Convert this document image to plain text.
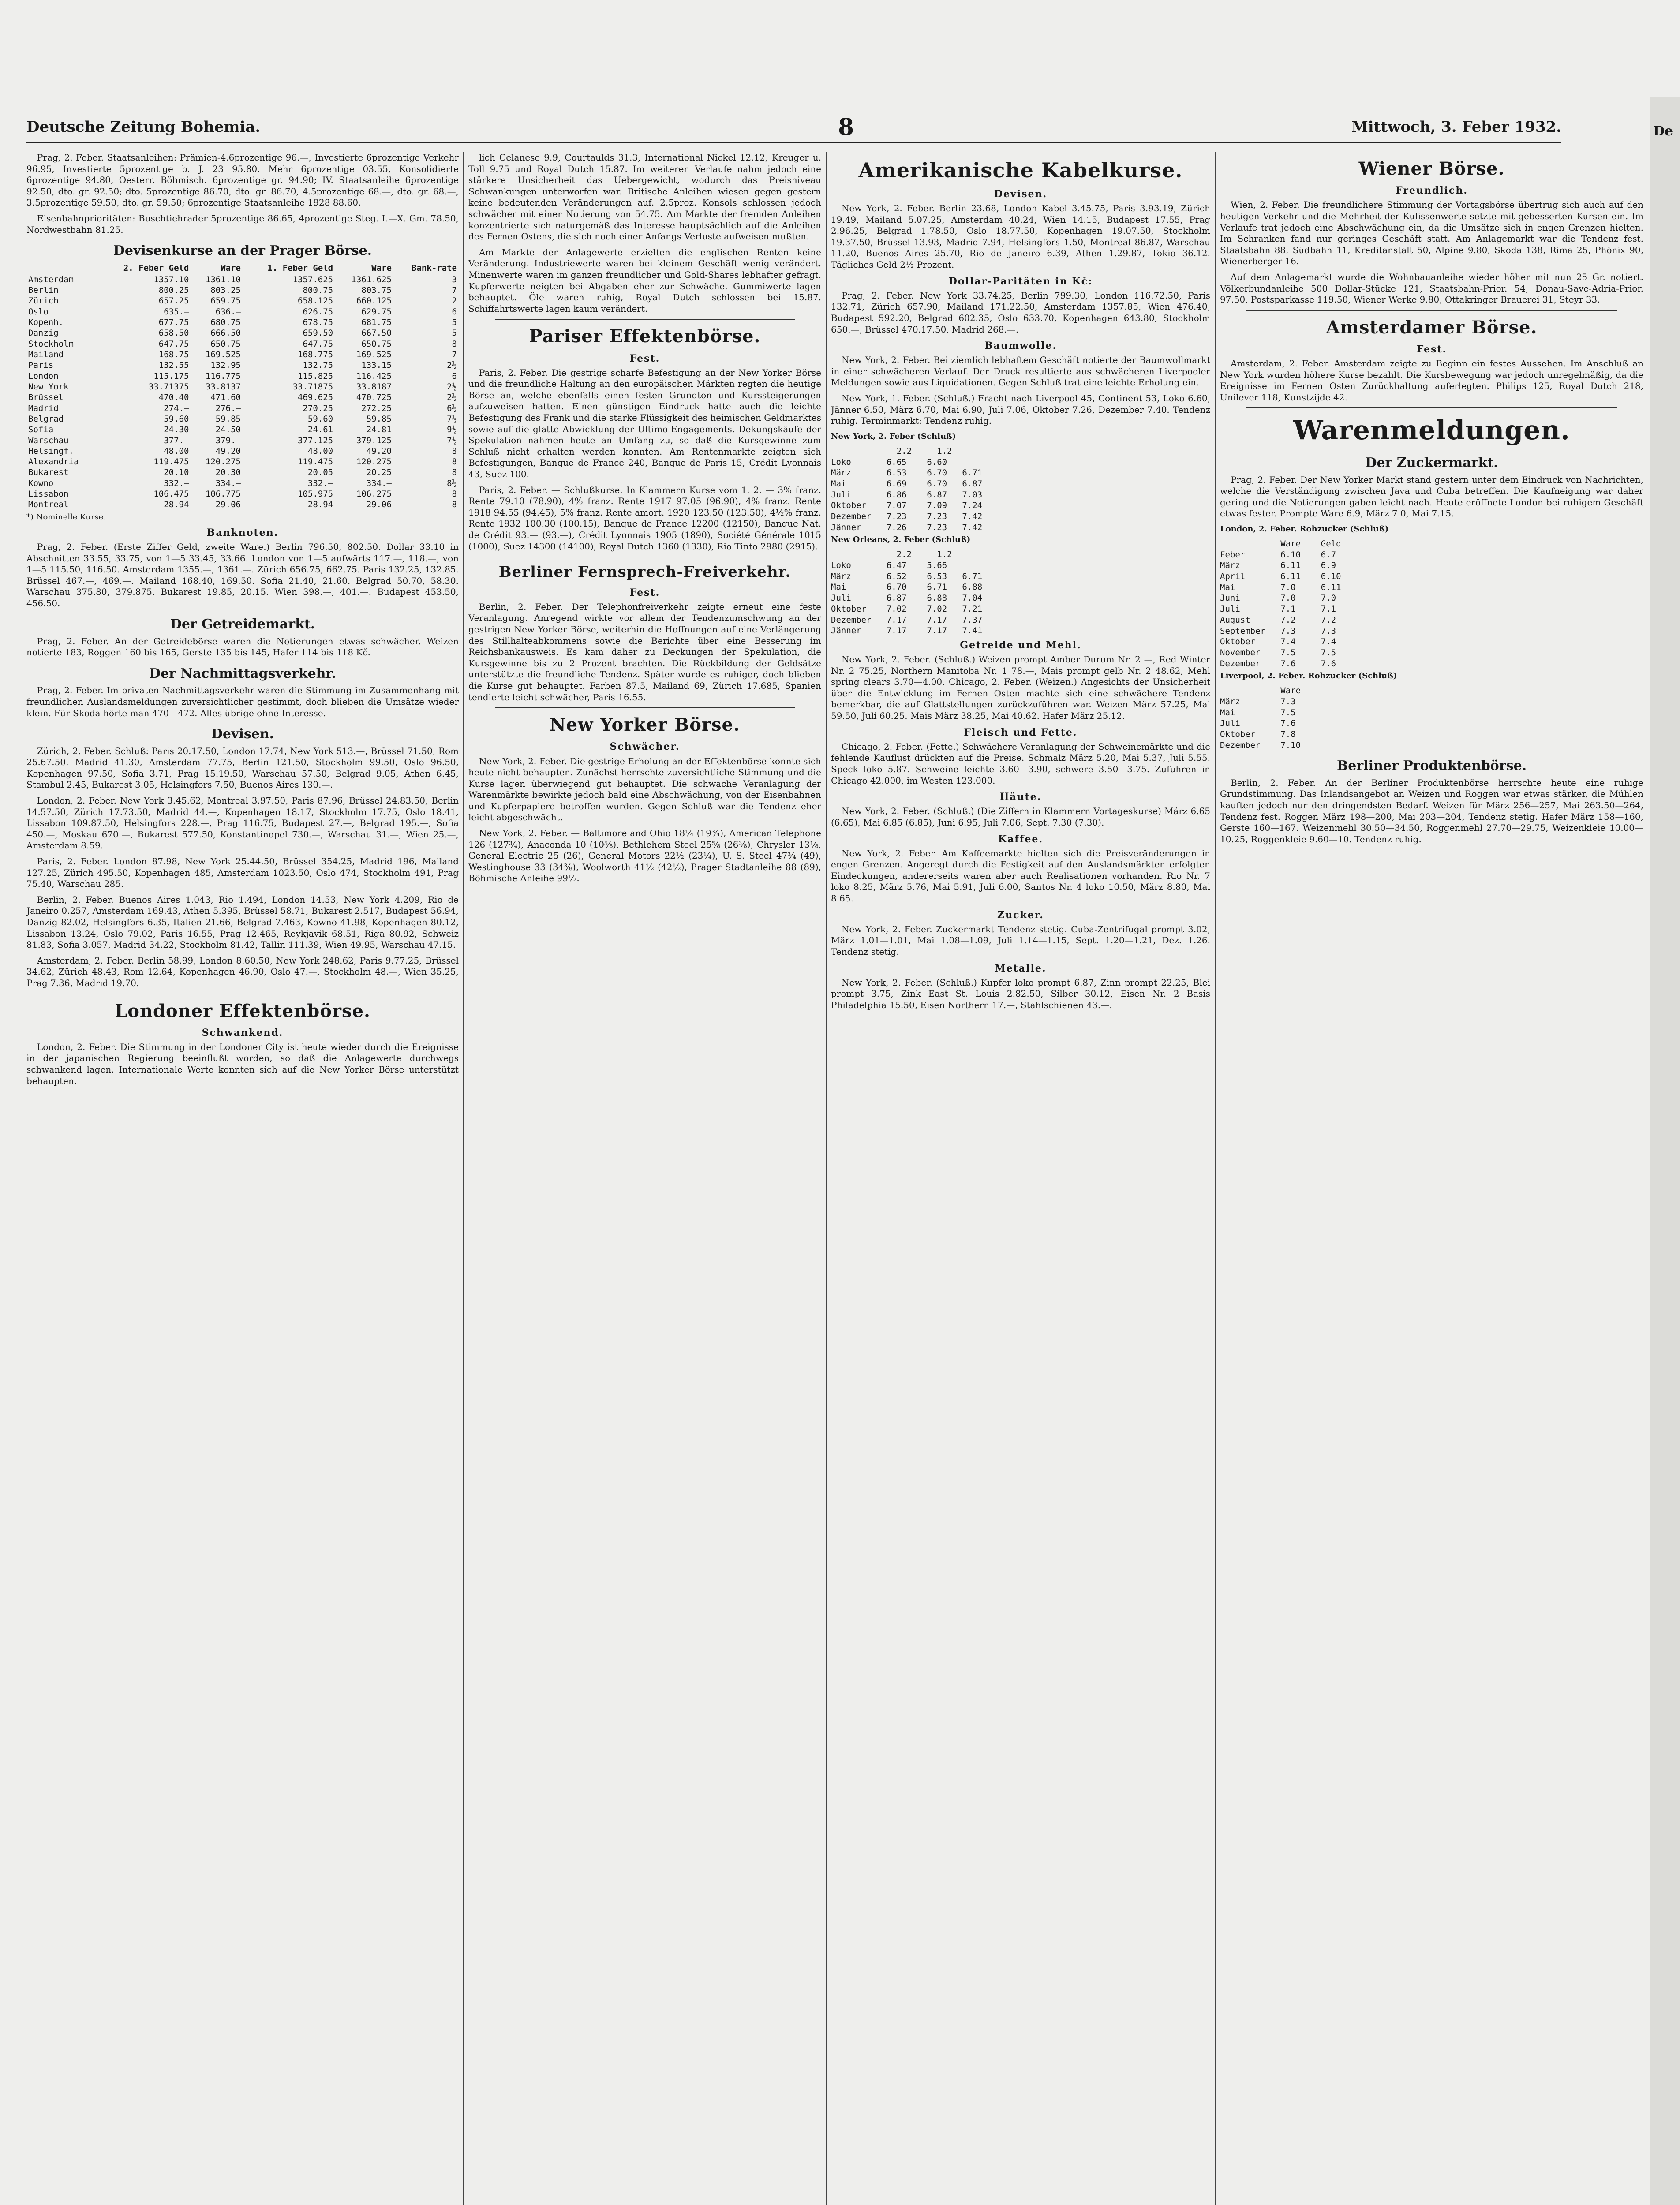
Deutsche Zeitung Bohemia.	8	Mittwoch, 3. Feber 1932.	De

Prag, 2. Feber. Staatsanleihen: Prämien-4.6prozentige 96.—, Investierte 6prozentige Verkehr 96.95, Investierte 5prozentige b. J. 23 95.80. Mehr 6prozentige 03.55, Konsolidierte 6prozentige 94.80, Oesterr. Böhmisch. 6prozentige gr. 94.90; IV. Staatsanleihe 6prozentige 92.50, dto. gr. 92.50; dto. 5prozentige 86.70, dto. gr. 86.70, 4.5prozentige 68.—, dto. gr. 68.—, 3.5prozentige 59.50, dto. gr. 59.50; 6prozentige Staatsanleihe 1928 88.60.

Eisenbahnprioritäten: Buschtiehrader 5prozentige 86.65, 4prozentige Steg. I.—X. Gm. 78.50, Nordwestbahn 81.25.

Devisenkurse an der Prager Börse.
	2. Feber Geld	Ware	1. Feber Geld	Ware	Bank-rate
Amsterdam	1357.10	1361.10	1357.625	1361.625	3
Berlin	800.25	803.25	800.75	803.75	7
Zürich	657.25	659.75	658.125	660.125	2
Oslo	635.—	636.—	626.75	629.75	6
Kopenh.	677.75	680.75	678.75	681.75	5
Danzig	658.50	666.50	659.50	667.50	5
Stockholm	647.75	650.75	647.75	650.75	8
Mailand	168.75	169.525	168.775	169.525	7
Paris	132.55	132.95	132.75	133.15	2½
London	115.175	116.775	115.825	116.425	6
New York	33.71375	33.8137	33.71875	33.8187	2½
Brüssel	470.40	471.60	469.625	470.725	2½
Madrid	274.—	276.—	270.25	272.25	6½
Belgrad	59.60	59.85	59.60	59.85	7½
Sofia	24.30	24.50	24.61	24.81	9½
Warschau	377.—	379.—	377.125	379.125	7½
Helsingf.	48.00	49.20	48.00	49.20	8
Alexandria	119.475	120.275	119.475	120.275	8
Bukarest	20.10	20.30	20.05	20.25	8
Kowno	332.—	334.—	332.—	334.—	8½
Lissabon	106.475	106.775	105.975	106.275	8
Montreal	28.94	29.06	28.94	29.06	8
*) Nominelle Kurse.
Banknoten.

Prag, 2. Feber. (Erste Ziffer Geld, zweite Ware.) Berlin 796.50, 802.50. Dollar 33.10 in Abschnitten 33.55, 33.75, von 1—5 33.45, 33.66. London von 1—5 aufwärts 117.—, 118.—, von 1—5 115.50, 116.50. Amsterdam 1355.—, 1361.—. Zürich 656.75, 662.75. Paris 132.25, 132.85. Brüssel 467.—, 469.—. Mailand 168.40, 169.50. Sofia 21.40, 21.60. Belgrad 50.70, 58.30. Warschau 375.80, 379.875. Bukarest 19.85, 20.15. Wien 398.—, 401.—. Budapest 453.50, 456.50.

Der Getreidemarkt.

Prag, 2. Feber. An der Getreidebörse waren die Notierungen etwas schwächer. Weizen notierte 183, Roggen 160 bis 165, Gerste 135 bis 145, Hafer 114 bis 118 Kč.

Der Nachmittagsverkehr.

Prag, 2. Feber. Im privaten Nachmittagsverkehr waren die Stimmung im Zusammenhang mit freundlichen Auslandsmeldungen zuversichtlicher gestimmt, doch blieben die Umsätze wieder klein. Für Skoda hörte man 470—472. Alles übrige ohne Interesse.

Devisen.

Zürich, 2. Feber. Schluß: Paris 20.17.50, London 17.74, New York 513.—, Brüssel 71.50, Rom 25.67.50, Madrid 41.30, Amsterdam 77.75, Berlin 121.50, Stockholm 99.50, Oslo 96.50, Kopenhagen 97.50, Sofia 3.71, Prag 15.19.50, Warschau 57.50, Belgrad 9.05, Athen 6.45, Stambul 2.45, Bukarest 3.05, Helsingfors 7.50, Buenos Aires 130.—.

London, 2. Feber. New York 3.45.62, Montreal 3.97.50, Paris 87.96, Brüssel 24.83.50, Berlin 14.57.50, Zürich 17.73.50, Madrid 44.—, Kopenhagen 18.17, Stockholm 17.75, Oslo 18.41, Lissabon 109.87.50, Helsingfors 228.—, Prag 116.75, Budapest 27.—, Belgrad 195.—, Sofia 450.—, Moskau 670.—, Bukarest 577.50, Konstantinopel 730.—, Warschau 31.—, Wien 25.—, Amsterdam 8.59.

Paris, 2. Feber. London 87.98, New York 25.44.50, Brüssel 354.25, Madrid 196, Mailand 127.25, Zürich 495.50, Kopenhagen 485, Amsterdam 1023.50, Oslo 474, Stockholm 491, Prag 75.40, Warschau 285.

Berlin, 2. Feber. Buenos Aires 1.043, Rio 1.494, London 14.53, New York 4.209, Rio de Janeiro 0.257, Amsterdam 169.43, Athen 5.395, Brüssel 58.71, Bukarest 2.517, Budapest 56.94, Danzig 82.02, Helsingfors 6.35, Italien 21.66, Belgrad 7.463, Kowno 41.98, Kopenhagen 80.12, Lissabon 13.24, Oslo 79.02, Paris 16.55, Prag 12.465, Reykjavik 68.51, Riga 80.92, Schweiz 81.83, Sofia 3.057, Madrid 34.22, Stockholm 81.42, Tallin 111.39, Wien 49.95, Warschau 47.15.

Amsterdam, 2. Feber. Berlin 58.99, London 8.60.50, New York 248.62, Paris 9.77.25, Brüssel 34.62, Zürich 48.43, Rom 12.64, Kopenhagen 46.90, Oslo 47.—, Stockholm 48.—, Wien 35.25, Prag 7.36, Madrid 19.70.

Londoner Effektenbörse.
Schwankend.

London, 2. Feber. Die Stimmung in der Londoner City ist heute wieder durch die Ereignisse in der japanischen Regierung beeinflußt worden, so daß die Anlagewerte durchwegs schwankend lagen. Internationale Werte konnten sich auf die New Yorker Börse unterstützt behaupten.

lich Celanese 9.9, Courtaulds 31.3, International Nickel 12.12, Kreuger u. Toll 9.75 und Royal Dutch 15.87. Im weiteren Verlaufe nahm jedoch eine stärkere Unsicherheit das Uebergewicht, wodurch das Preisniveau Schwankungen unterworfen war. Britische Anleihen wiesen gegen gestern keine bedeutenden Veränderungen auf. 2.5proz. Konsols schlossen jedoch schwächer mit einer Notierung von 54.75. Am Markte der fremden Anleihen konzentrierte sich naturgemäß das Interesse hauptsächlich auf die Anleihen des Fernen Ostens, die sich noch einer Anfangs Verluste aufweisen mußten.

Am Markte der Anlagewerte erzielten die englischen Renten keine Veränderung. Industriewerte waren bei kleinem Geschäft wenig verändert. Minenwerte waren im ganzen freundlicher und Gold-Shares lebhafter gefragt. Kupferwerte neigten bei Abgaben eher zur Schwäche. Gummiwerte lagen behauptet. Öle waren ruhig, Royal Dutch schlossen bei 15.87. Schiffahrtswerte lagen kaum verändert.

Pariser Effektenbörse.
Fest.

Paris, 2. Feber. Die gestrige scharfe Befestigung an der New Yorker Börse und die freundliche Haltung an den europäischen Märkten regten die heutige Börse an, welche ebenfalls einen festen Grundton und Kurssteigerungen aufzuweisen hatten. Einen günstigen Eindruck hatte auch die leichte Befestigung des Frank und die starke Flüssigkeit des heimischen Geldmarktes sowie auf die glatte Abwicklung der Ultimo-Engagements. Dekungskäufe der Spekulation nahmen heute an Umfang zu, so daß die Kursgewinne zum Schluß nicht erhalten werden konnten. Am Rentenmarkte zeigten sich Befestigungen, Banque de France 240, Banque de Paris 15, Crédit Lyonnais 43, Suez 100.

Paris, 2. Feber. — Schlußkurse. In Klammern Kurse vom 1. 2. — 3% franz. Rente 79.10 (78.90), 4% franz. Rente 1917 97.05 (96.90), 4% franz. Rente 1918 94.55 (94.45), 5% franz. Rente amort. 1920 123.50 (123.50), 4½% franz. Rente 1932 100.30 (100.15), Banque de France 12200 (12150), Banque Nat. de Crédit 93.— (93.—), Crédit Lyonnais 1905 (1890), Société Générale 1015 (1000), Suez 14300 (14100), Royal Dutch 1360 (1330), Rio Tinto 2980 (2915).

Berliner Fernsprech-Freiverkehr.
Fest.

Berlin, 2. Feber. Der Telephonfreiverkehr zeigte erneut eine feste Veranlagung. Anregend wirkte vor allem der Tendenzumschwung an der gestrigen New Yorker Börse, weiterhin die Hoffnungen auf eine Verlängerung des Stillhalteabkommens sowie die Berichte über eine Besserung im Reichsbankausweis. Es kam daher zu Deckungen der Spekulation, die Kursgewinne bis zu 2 Prozent brachten. Die Rückbildung der Geldsätze unterstützte die freundliche Tendenz. Später wurde es ruhiger, doch blieben die Kurse gut behauptet. Farben 87.5, Mailand 69, Zürich 17.685, Spanien tendierte leicht schwächer, Paris 16.55.

New Yorker Börse.
Schwächer.

New York, 2. Feber. Die gestrige Erholung an der Effektenbörse konnte sich heute nicht behaupten. Zunächst herrschte zuversichtliche Stimmung und die Kurse lagen überwiegend gut behauptet. Die schwache Veranlagung der Warenmärkte bewirkte jedoch bald eine Abschwächung, von der Eisenbahnen und Kupferpapiere betroffen wurden. Gegen Schluß war die Tendenz eher leicht abgeschwächt.

New York, 2. Feber. — Baltimore and Ohio 18¼ (19¾), American Telephone 126 (127¾), Anaconda 10 (10⅝), Bethlehem Steel 25⅝ (26⅜), Chrysler 13⅛, General Electric 25 (26), General Motors 22½ (23¼), U. S. Steel 47¾ (49), Westinghouse 33 (34⅜), Woolworth 41½ (42½), Prager Stadtanleihe 88 (89), Böhmische Anleihe 99½.

Amerikanische Kabelkurse.
Devisen.

New York, 2. Feber. Berlin 23.68, London Kabel 3.45.75, Paris 3.93.19, Zürich 19.49, Mailand 5.07.25, Amsterdam 40.24, Wien 14.15, Budapest 17.55, Prag 2.96.25, Belgrad 1.78.50, Oslo 18.77.50, Kopenhagen 19.07.50, Stockholm 19.37.50, Brüssel 13.93, Madrid 7.94, Helsingfors 1.50, Montreal 86.87, Warschau 11.20, Buenos Aires 25.70, Rio de Janeiro 6.39, Athen 1.29.87, Tokio 36.12. Tägliches Geld 2½ Prozent.

Dollar-Paritäten in Kč:

Prag, 2. Feber. New York 33.74.25, Berlin 799.30, London 116.72.50, Paris 132.71, Zürich 657.90, Mailand 171.22.50, Amsterdam 1357.85, Wien 476.40, Budapest 592.20, Belgrad 602.35, Oslo 633.70, Kopenhagen 643.80, Stockholm 650.—, Brüssel 470.17.50, Madrid 268.—.

Baumwolle.

New York, 2. Feber. Bei ziemlich lebhaftem Geschäft notierte der Baumwollmarkt in einer schwächeren Verlauf. Der Druck resultierte aus schwächeren Liverpooler Meldungen sowie aus Liquidationen. Gegen Schluß trat eine leichte Erholung ein.

New York, 1. Feber. (Schluß.) Fracht nach Liverpool 45, Continent 53, Loko 6.60, Jänner 6.50, März 6.70, Mai 6.90, Juli 7.06, Oktober 7.26, Dezember 7.40. Tendenz ruhig. Terminmarkt: Tendenz ruhig.

New York, 2. Feber (Schluß)
2.2     1.2
Loko       6.65    6.60
März       6.53    6.70   6.71
Mai        6.69    6.70   6.87
Juli       6.86    6.87   7.03
Oktober    7.07    7.09   7.24
Dezember   7.23    7.23   7.42
Jänner     7.26    7.23   7.42
New Orleans, 2. Feber (Schluß)
2.2     1.2
Loko       6.47    5.66
März       6.52    6.53   6.71
Mai        6.70    6.71   6.88
Juli       6.87    6.88   7.04
Oktober    7.02    7.02   7.21
Dezember   7.17    7.17   7.37
Jänner     7.17    7.17   7.41
Getreide und Mehl.

New York, 2. Feber. (Schluß.) Weizen prompt Amber Durum Nr. 2 —, Red Winter Nr. 2 75.25, Northern Manitoba Nr. 1 78.—, Mais prompt gelb Nr. 2 48.62, Mehl spring clears 3.70—4.00. Chicago, 2. Feber. (Weizen.) Angesichts der Unsicherheit über die Entwicklung im Fernen Osten machte sich eine schwächere Tendenz bemerkbar, die auf Glattstellungen zurückzuführen war. Weizen März 57.25, Mai 59.50, Juli 60.25. Mais März 38.25, Mai 40.62. Hafer März 25.12.

Fleisch und Fette.

Chicago, 2. Feber. (Fette.) Schwächere Veranlagung der Schweinemärkte und die fehlende Kauflust drückten auf die Preise. Schmalz März 5.20, Mai 5.37, Juli 5.55. Speck loko 5.87. Schweine leichte 3.60—3.90, schwere 3.50—3.75. Zufuhren in Chicago 42.000, im Westen 123.000.

Häute.

New York, 2. Feber. (Schluß.) (Die Ziffern in Klammern Vortageskurse) März 6.65 (6.65), Mai 6.85 (6.85), Juni 6.95, Juli 7.06, Sept. 7.30 (7.30).

Kaffee.

New York, 2. Feber. Am Kaffeemarkte hielten sich die Preisveränderungen in engen Grenzen. Angeregt durch die Festigkeit auf den Auslandsmärkten erfolgten Eindeckungen, andererseits waren aber auch Realisationen vorhanden. Rio Nr. 7 loko 8.25, März 5.76, Mai 5.91, Juli 6.00, Santos Nr. 4 loko 10.50, März 8.80, Mai 8.65.

Zucker.

New York, 2. Feber. Zuckermarkt Tendenz stetig. Cuba-Zentrifugal prompt 3.02, März 1.01—1.01, Mai 1.08—1.09, Juli 1.14—1.15, Sept. 1.20—1.21, Dez. 1.26. Tendenz stetig.

Metalle.

New York, 2. Feber. (Schluß.) Kupfer loko prompt 6.87, Zinn prompt 22.25, Blei prompt 3.75, Zink East St. Louis 2.82.50, Silber 30.12, Eisen Nr. 2 Basis Philadelphia 15.50, Eisen Northern 17.—, Stahlschienen 43.—.

Wiener Börse.
Freundlich.

Wien, 2. Feber. Die freundlichere Stimmung der Vortagsbörse übertrug sich auch auf den heutigen Verkehr und die Mehrheit der Kulissenwerte setzte mit gebesserten Kursen ein. Im Verlaufe trat jedoch eine Abschwächung ein, da die Umsätze sich in engen Grenzen hielten. Im Schranken fand nur geringes Geschäft statt. Am Anlagemarkt war die Tendenz fest. Staatsbahn 88, Südbahn 11, Kreditanstalt 50, Alpine 9.80, Skoda 138, Rima 25, Phönix 90, Wienerberger 16.

Auf dem Anlagemarkt wurde die Wohnbauanleihe wieder höher mit nun 25 Gr. notiert. Völkerbundanleihe 500 Dollar-Stücke 121, Staatsbahn-Prior. 54, Donau-Save-Adria-Prior. 97.50, Postsparkasse 119.50, Wiener Werke 9.80, Ottakringer Brauerei 31, Steyr 33.

Amsterdamer Börse.
Fest.

Amsterdam, 2. Feber. Amsterdam zeigte zu Beginn ein festes Aussehen. Im Anschluß an New York wurden höhere Kurse bezahlt. Die Kursbewegung war jedoch unregelmäßig, da die Ereignisse im Fernen Osten Zurückhaltung auferlegten. Philips 125, Royal Dutch 218, Unilever 118, Kunstzijde 42.

Warenmeldungen.
Der Zuckermarkt.

Prag, 2. Feber. Der New Yorker Markt stand gestern unter dem Eindruck von Nachrichten, welche die Verständigung zwischen Java und Cuba betreffen. Die Kaufneigung war daher gering und die Notierungen gaben leicht nach. Heute eröffnete London bei ruhigem Geschäft etwas fester. Prompte Ware 6.9, März 7.0, Mai 7.15.

London, 2. Feber. Rohzucker (Schluß)
Ware    Geld
Feber       6.10    6.7
März        6.11    6.9
April       6.11    6.10
Mai         7.0     6.11
Juni        7.0     7.0
Juli        7.1     7.1
August      7.2     7.2
September   7.3     7.3
Oktober     7.4     7.4
November    7.5     7.5
Dezember    7.6     7.6
Liverpool, 2. Feber. Rohzucker (Schluß)
Ware
März        7.3
Mai         7.5
Juli        7.6
Oktober     7.8
Dezember    7.10
Berliner Produktenbörse.

Berlin, 2. Feber. An der Berliner Produktenbörse herrschte heute eine ruhige Grundstimmung. Das Inlandsangebot an Weizen und Roggen war etwas stärker, die Mühlen kauften jedoch nur den dringendsten Bedarf. Weizen für März 256—257, Mai 263.50—264, Tendenz fest. Roggen März 198—200, Mai 203—204, Tendenz stetig. Hafer März 158—160, Gerste 160—167. Weizenmehl 30.50—34.50, Roggenmehl 27.70—29.75, Weizenkleie 10.00—10.25, Roggenkleie 9.60—10. Tendenz ruhig.
